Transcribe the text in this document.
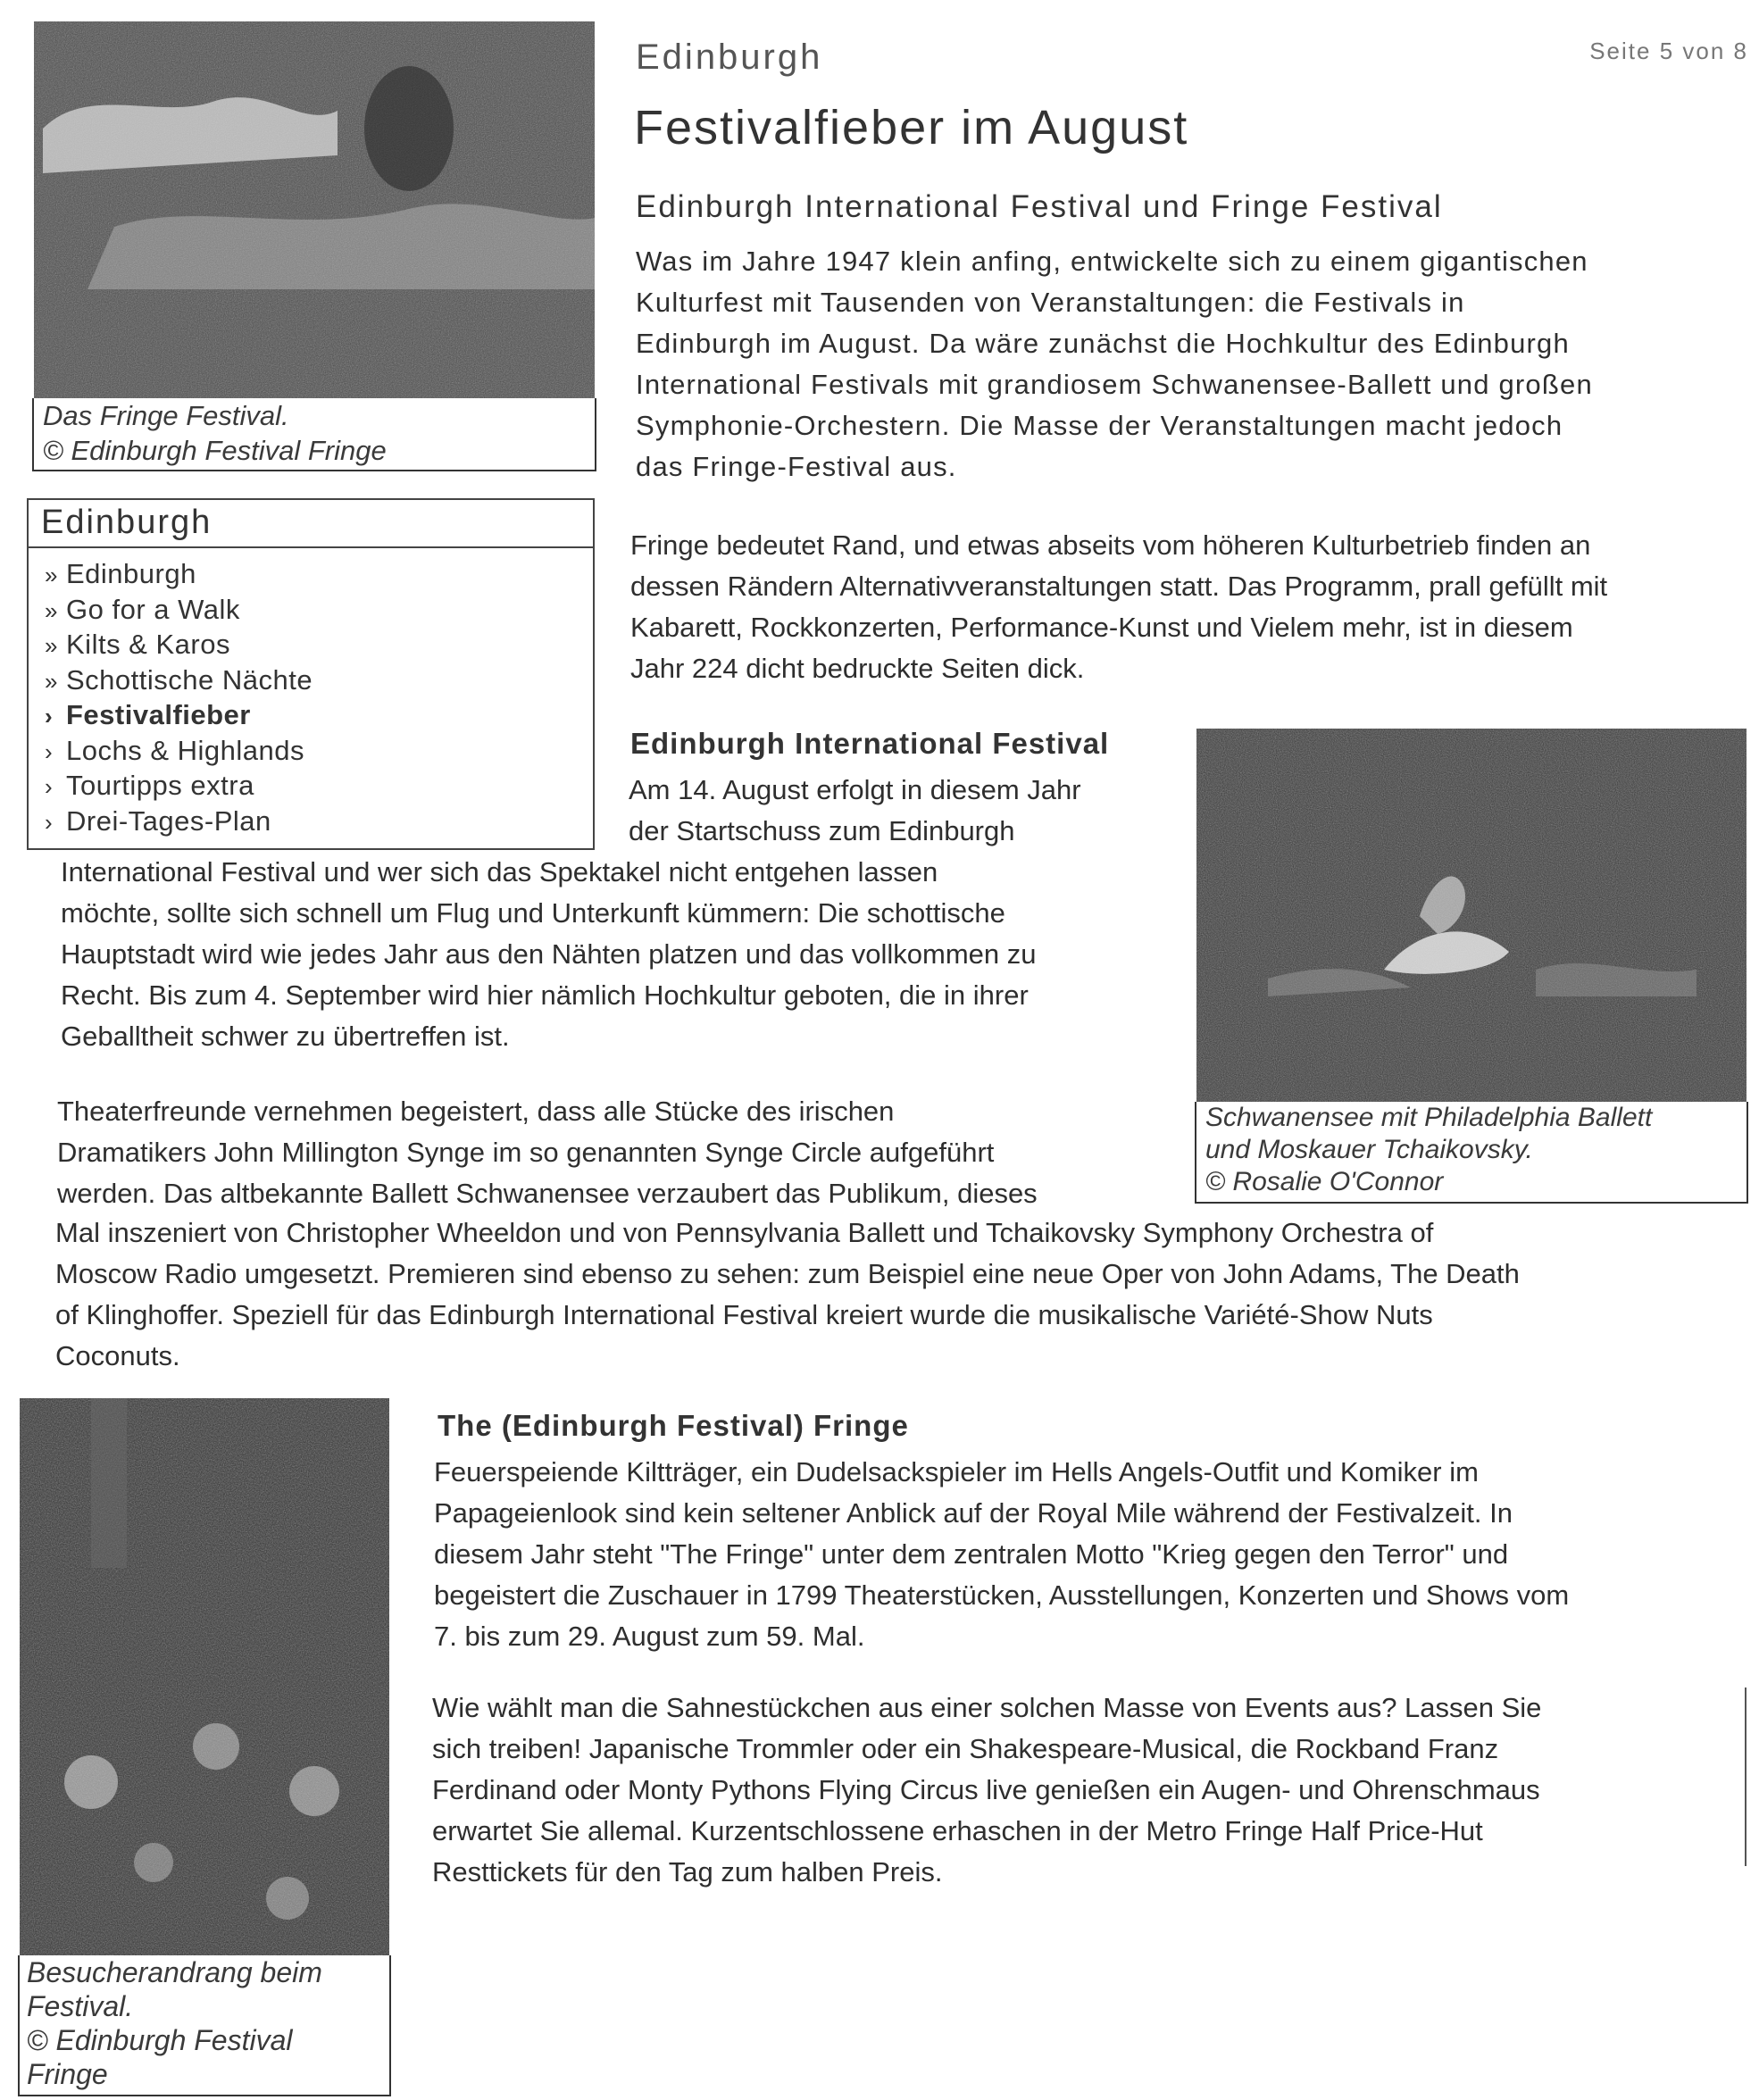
Seite 5 von 8
Das Fringe Festival.
© Edinburgh Festival Fringe
Edinburgh
Festivalfieber im August
Edinburgh International Festival und Fringe Festival

Was im Jahre 1947 klein anfing, entwickelte sich zu einem gigantischen

Kulturfest mit Tausenden von Veranstaltungen: die Festivals in

Edinburgh im August. Da wäre zunächst die Hochkultur des Edinburgh

International Festivals mit grandiosem Schwanensee-Ballett und großen

Symphonie-Orchestern. Die Masse der Veranstaltungen macht jedoch

das Fringe-Festival aus.

Fringe bedeutet Rand, und etwas abseits vom höheren Kulturbetrieb finden an

dessen Rändern Alternativveranstaltungen statt. Das Programm, prall gefüllt mit

Kabarett, Rockkonzerten, Performance-Kunst und Vielem mehr, ist in diesem

Jahr 224 dicht bedruckte Seiten dick.

Edinburgh
» Edinburgh
» Go for a Walk
» Kilts & Karos
» Schottische Nächte
› Festivalfieber
› Lochs & Highlands
› Tourtipps extra
› Drei-Tages-Plan
Schwanensee mit Philadelphia Ballett
und Moskauer Tchaikovsky.
© Rosalie O'Connor
Edinburgh International Festival

Am 14. August erfolgt in diesem Jahr

der Startschuss zum Edinburgh

International Festival und wer sich das Spektakel nicht entgehen lassen

möchte, sollte sich schnell um Flug und Unterkunft kümmern: Die schottische

Hauptstadt wird wie jedes Jahr aus den Nähten platzen und das vollkommen zu

Recht. Bis zum 4. September wird hier nämlich Hochkultur geboten, die in ihrer

Geballtheit schwer zu übertreffen ist.

Theaterfreunde vernehmen begeistert, dass alle Stücke des irischen

Dramatikers John Millington Synge im so genannten Synge Circle aufgeführt

werden. Das altbekannte Ballett Schwanensee verzaubert das Publikum, dieses

Mal inszeniert von Christopher Wheeldon und von Pennsylvania Ballett und Tchaikovsky Symphony Orchestra of

Moscow Radio umgesetzt. Premieren sind ebenso zu sehen: zum Beispiel eine neue Oper von John Adams, The Death

of Klinghoffer. Speziell für das Edinburgh International Festival kreiert wurde die musikalische Variété-Show Nuts

Coconuts.

Besucherandrang beim
Festival.
© Edinburgh Festival
Fringe
The (Edinburgh Festival) Fringe

Feuerspeiende Kiltträger, ein Dudelsackspieler im Hells Angels-Outfit und Komiker im

Papageienlook sind kein seltener Anblick auf der Royal Mile während der Festivalzeit. In

diesem Jahr steht "The Fringe" unter dem zentralen Motto "Krieg gegen den Terror" und

begeistert die Zuschauer in 1799 Theaterstücken, Ausstellungen, Konzerten und Shows vom

7. bis zum 29. August zum 59. Mal.

Wie wählt man die Sahnestückchen aus einer solchen Masse von Events aus? Lassen Sie

sich treiben! Japanische Trommler oder ein Shakespeare-Musical, die Rockband Franz

Ferdinand oder Monty Pythons Flying Circus live genießen ein Augen- und Ohrenschmaus

erwartet Sie allemal. Kurzentschlossene erhaschen in der Metro Fringe Half Price-Hut

Resttickets für den Tag zum halben Preis.
